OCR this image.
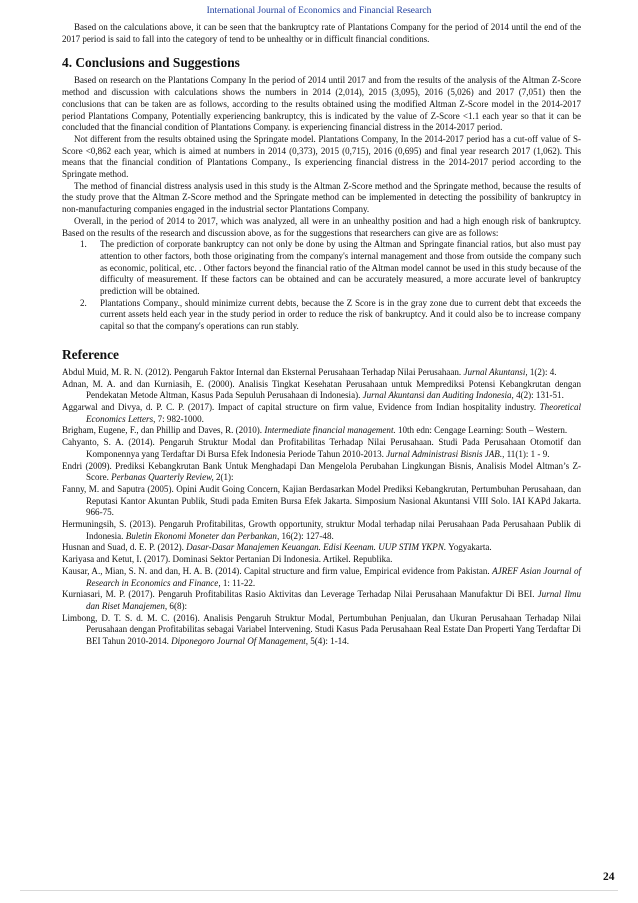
International Journal of Economics and Financial Research

Based on the calculations above, it can be seen that the bankruptcy rate of Plantations Company for the period of 2014 until the end of the 2017 period is said to fall into the category of tend to be unhealthy or in difficult financial conditions.

4. Conclusions and Suggestions

Based on research on the Plantations Company In the period of 2014 until 2017 and from the results of the analysis of the Altman Z-Score method and discussion with calculations shows the numbers in 2014 (2,014), 2015 (3,095), 2016 (5,026) and 2017 (7,051) then the conclusions that can be taken are as follows, according to the results obtained using the modified Altman Z-Score model in the 2014-2017 period Plantations Company, Potentially experiencing bankruptcy, this is indicated by the value of Z-Score <1.1 each year so that it can be concluded that the financial condition of Plantations Company. is experiencing financial distress in the 2014-2017 period.

Not different from the results obtained using the Springate model. Plantations Company, In the 2014-2017 period has a cut-off value of S-Score <0,862 each year, which is aimed at numbers in 2014 (0,373), 2015 (0,715), 2016 (0,695) and final year research 2017 (1,062). This means that the financial condition of Plantations Company., Is experiencing financial distress in the 2014-2017 period according to the Springate method.

The method of financial distress analysis used in this study is the Altman Z-Score method and the Springate method, because the results of the study prove that the Altman Z-Score method and the Springate method can be implemented in detecting the possibility of bankruptcy in non-manufacturing companies engaged in the industrial sector Plantations Company.

Overall, in the period of 2014 to 2017, which was analyzed, all were in an unhealthy position and had a high enough risk of bankruptcy. Based on the results of the research and discussion above, as for the suggestions that researchers can give are as follows:

1. The prediction of corporate bankruptcy can not only be done by using the Altman and Springate financial ratios, but also must pay attention to other factors, both those originating from the company's internal management and those from outside the company such as economic, political, etc. . Other factors beyond the financial ratio of the Altman model cannot be used in this study because of the difficulty of measurement. If these factors can be obtained and can be accurately measured, a more accurate level of bankruptcy prediction will be obtained.
2. Plantations Company., should minimize current debts, because the Z Score is in the gray zone due to current debt that exceeds the current assets held each year in the study period in order to reduce the risk of bankruptcy. And it could also be to increase company capital so that the company's operations can run stably.
Reference

Abdul Muid, M. R. N. (2012). Pengaruh Faktor Internal dan Eksternal Perusahaan Terhadap Nilai Perusahaan. Jurnal Akuntansi, 1(2): 4.

Adnan, M. A. and dan Kurniasih, E. (2000). Analisis Tingkat Kesehatan Perusahaan untuk Memprediksi Potensi Kebangkrutan dengan Pendekatan Metode Altman, Kasus Pada Sepuluh Perusahaan di Indonesia). Jurnal Akuntansi dan Auditing Indonesia, 4(2): 131-51.

Aggarwal and Divya, d. P. C. P. (2017). Impact of capital structure on firm value, Evidence from Indian hospitality industry. Theoretical Economics Letters, 7: 982-1000.

Brigham, Eugene, F., dan Phillip and Daves, R. (2010). Intermediate financial management. 10th edn: Cengage Learning: South – Western.

Cahyanto, S. A. (2014). Pengaruh Struktur Modal dan Profitabilitas Terhadap Nilai Perusahaan. Studi Pada Perusahaan Otomotif dan Komponennya yang Terdaftar Di Bursa Efek Indonesia Periode Tahun 2010-2013. Jurnal Administrasi Bisnis JAB., 11(1): 1 - 9.

Endri (2009). Prediksi Kebangkrutan Bank Untuk Menghadapi Dan Mengelola Perubahan Lingkungan Bisnis, Analisis Model Altman’s Z-Score. Perbanas Quarterly Review, 2(1):

Fanny, M. and Saputra (2005). Opini Audit Going Concern, Kajian Berdasarkan Model Prediksi Kebangkrutan, Pertumbuhan Perusahaan, dan Reputasi Kantor Akuntan Publik, Studi pada Emiten Bursa Efek Jakarta. Simposium Nasional Akuntansi VIII Solo. IAI KAPd Jakarta. 966-75.

Hermuningsih, S. (2013). Pengaruh Profitabilitas, Growth opportunity, struktur Modal terhadap nilai Perusahaan Pada Perusahaan Publik di Indonesia. Buletin Ekonomi Moneter dan Perbankan, 16(2): 127-48.

Husnan and Suad, d. E. P. (2012). Dasar-Dasar Manajemen Keuangan. Edisi Keenam. UUP STIM YKPN. Yogyakarta.

Kariyasa and Ketut, I. (2017). Dominasi Sektor Pertanian Di Indonesia. Artikel. Republika.

Kausar, A., Mian, S. N. and dan, H. A. B. (2014). Capital structure and firm value, Empirical evidence from Pakistan. AJREF Asian Journal of Research in Economics and Finance, 1: 11-22.

Kurniasari, M. P. (2017). Pengaruh Profitabilitas Rasio Aktivitas dan Leverage Terhadap Nilai Perusahaan Manufaktur Di BEI. Jurnal Ilmu dan Riset Manajemen, 6(8):

Limbong, D. T. S. d. M. C. (2016). Analisis Pengaruh Struktur Modal, Pertumbuhan Penjualan, dan Ukuran Perusahaan Terhadap Nilai Perusahaan dengan Profitabilitas sebagai Variabel Intervening. Studi Kasus Pada Perusahaan Real Estate Dan Properti Yang Terdaftar Di BEI Tahun 2010-2014. Diponegoro Journal Of Management, 5(4): 1-14.

24
